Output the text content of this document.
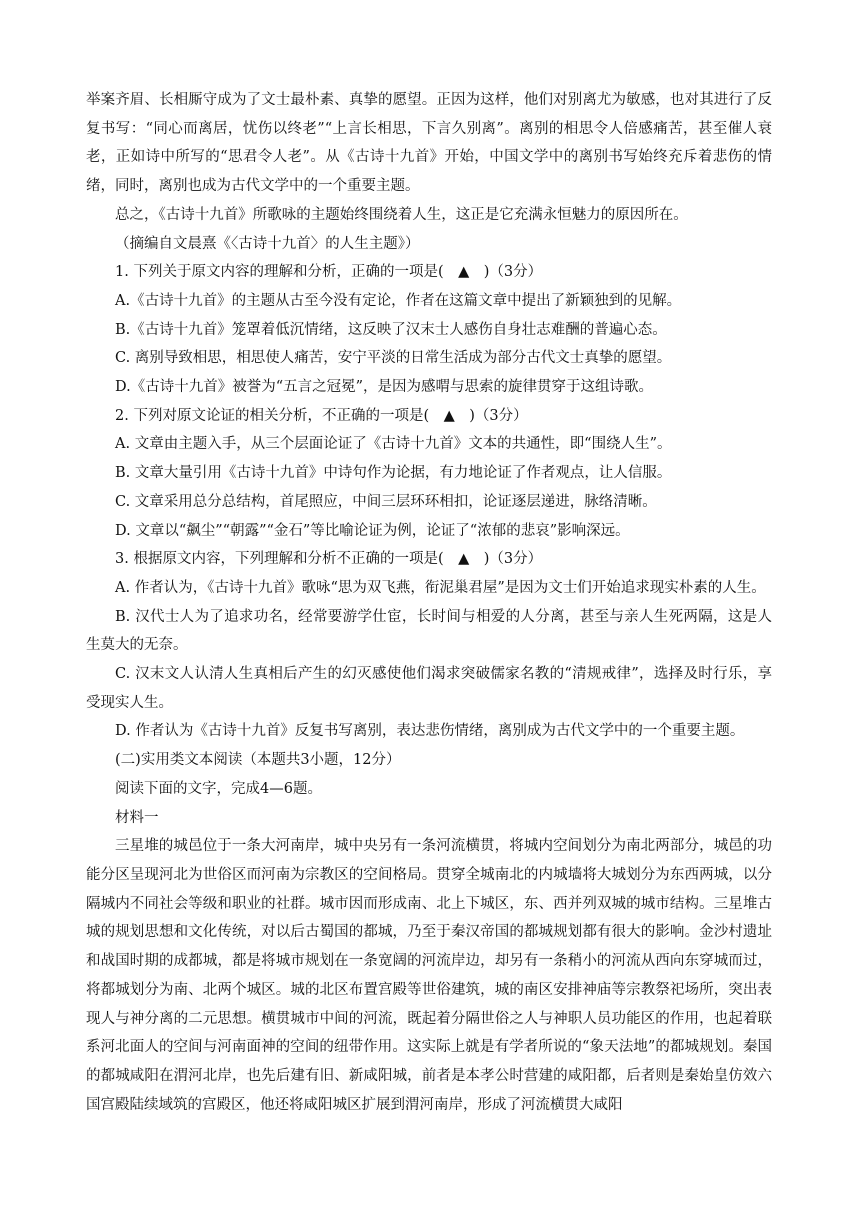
举案齐眉、长相厮守成为了文士最朴素、真挚的愿望。正因为这样，他们对别离尤为敏感，也对其进行了反复书写：“同心而离居，忧伤以终老”“上言长相思，下言久别离”。离别的相思令人倍感痛苦，甚至催人衰老，正如诗中所写的“思君令人老”。从《古诗十九首》开始，中国文学中的离别书写始终充斥着悲伤的情绪，同时，离别也成为古代文学中的一个重要主题。

总之，《古诗十九首》所歌咏的主题始终围绕着人生，这正是它充满永恒魅力的原因所在。

（摘编自文晨熹《〈古诗十九首〉的人生主题》）

1. 下列关于原文内容的理解和分析，正确的一项是(　▲　)（3分）

A.《古诗十九首》的主题从古至今没有定论，作者在这篇文章中提出了新颖独到的见解。

B.《古诗十九首》笼罩着低沉情绪，这反映了汉末士人感伤自身壮志难酬的普遍心态。

C. 离别导致相思，相思使人痛苦，安宁平淡的日常生活成为部分古代文士真挚的愿望。

D.《古诗十九首》被誉为“五言之冠冕”，是因为感喟与思索的旋律贯穿于这组诗歌。

2. 下列对原文论证的相关分析，不正确的一项是(　▲　)（3分）

A. 文章由主题入手，从三个层面论证了《古诗十九首》文本的共通性，即“围绕人生”。

B. 文章大量引用《古诗十九首》中诗句作为论据，有力地论证了作者观点，让人信服。

C. 文章采用总分总结构，首尾照应，中间三层环环相扣，论证逐层递进，脉络清晰。

D. 文章以“飙尘”“朝露”“金石”等比喻论证为例，论证了“浓郁的悲哀”影响深远。

3. 根据原文内容，下列理解和分析不正确的一项是(　▲　)（3分）

A. 作者认为，《古诗十九首》歌咏“思为双飞燕，衔泥巢君屋”是因为文士们开始追求现实朴素的人生。

B. 汉代士人为了追求功名，经常要游学仕宦，长时间与相爱的人分离，甚至与亲人生死两隔，这是人生莫大的无奈。

C. 汉末文人认清人生真相后产生的幻灭感使他们渴求突破儒家名教的“清规戒律”，选择及时行乐，享受现实人生。

D. 作者认为《古诗十九首》反复书写离别，表达悲伤情绪，离别成为古代文学中的一个重要主题。

(二)实用类文本阅读（本题共3小题，12分）

阅读下面的文字，完成4—6题。

材料一

三星堆的城邑位于一条大河南岸，城中央另有一条河流横贯，将城内空间划分为南北两部分，城邑的功能分区呈现河北为世俗区而河南为宗教区的空间格局。贯穿全城南北的内城墙将大城划分为东西两城，以分隔城内不同社会等级和职业的社群。城市因而形成南、北上下城区，东、西并列双城的城市结构。三星堆古城的规划思想和文化传统，对以后古蜀国的都城，乃至于秦汉帝国的都城规划都有很大的影响。金沙村遗址和战国时期的成都城，都是将城市规划在一条宽阔的河流岸边，却另有一条稍小的河流从西向东穿城而过，将都城划分为南、北两个城区。城的北区布置宫殿等世俗建筑，城的南区安排神庙等宗教祭祀场所，突出表现人与神分离的二元思想。横贯城市中间的河流，既起着分隔世俗之人与神职人员功能区的作用，也起着联系河北面人的空间与河南面神的空间的纽带作用。这实际上就是有学者所说的“象天法地”的都城规划。秦国的都城咸阳在渭河北岸，也先后建有旧、新咸阳城，前者是本孝公时营建的咸阳都，后者则是秦始皇仿效六国宫殿陆续域筑的宫殿区，他还将咸阳城区扩展到渭河南岸，形成了河流横贯大咸阳
